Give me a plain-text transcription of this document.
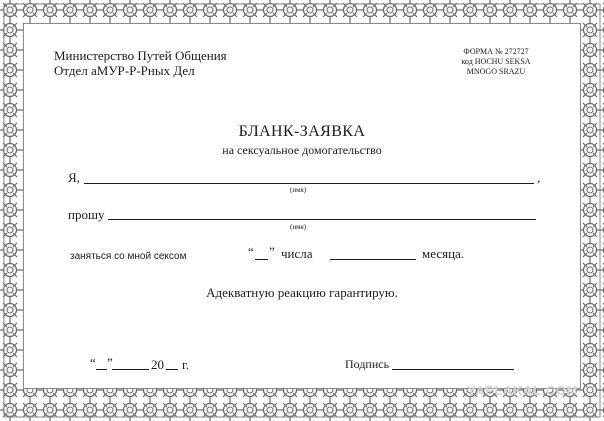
Министерство Путей Общения
Отдел аМУР-Р-Рных Дел
ФОРМА № 272727
код HOCHU SEKSA
MNOGO SRAZU
БЛАНК-ЗАЯВКА
на сексуальное домогательство
Я,	,
(имя)
прошу
(имя)
заняться со мной сексом	“ ” числа	месяца.
Адекватную реакцию гарантирую.
“ ”	20 г.	Подпись
YAPLAKAL.COM
